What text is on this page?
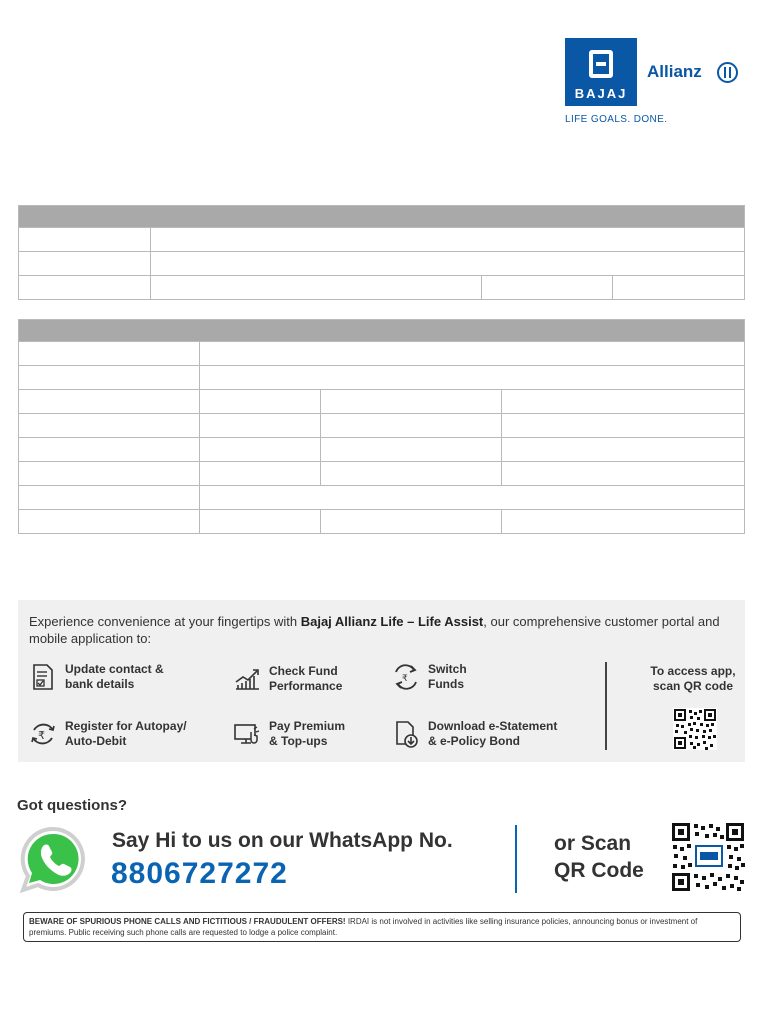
BAJAJ
Allianz
LIFE GOALS. DONE.

Experience convenience at your fingertips with Bajaj Allianz Life – Life Assist, our comprehensive customer portal and mobile application to:
Update contact &
bank details
Check Fund
Performance	₹
Switch
Funds
₹
Register for Autopay/
Auto-Debit
Pay Premium
& Top-ups
Download e-Statement
& e-Policy Bond
To access app,
scan QR code
Got questions?
Say Hi to us on our WhatsApp No.
8806727272
or Scan
QR Code
BEWARE OF SPURIOUS PHONE CALLS AND FICTITIOUS / FRAUDULENT OFFERS! IRDAI is not involved in activities like selling insurance policies, announcing bonus or investment of premiums. Public receiving such phone calls are requested to lodge a police complaint.
